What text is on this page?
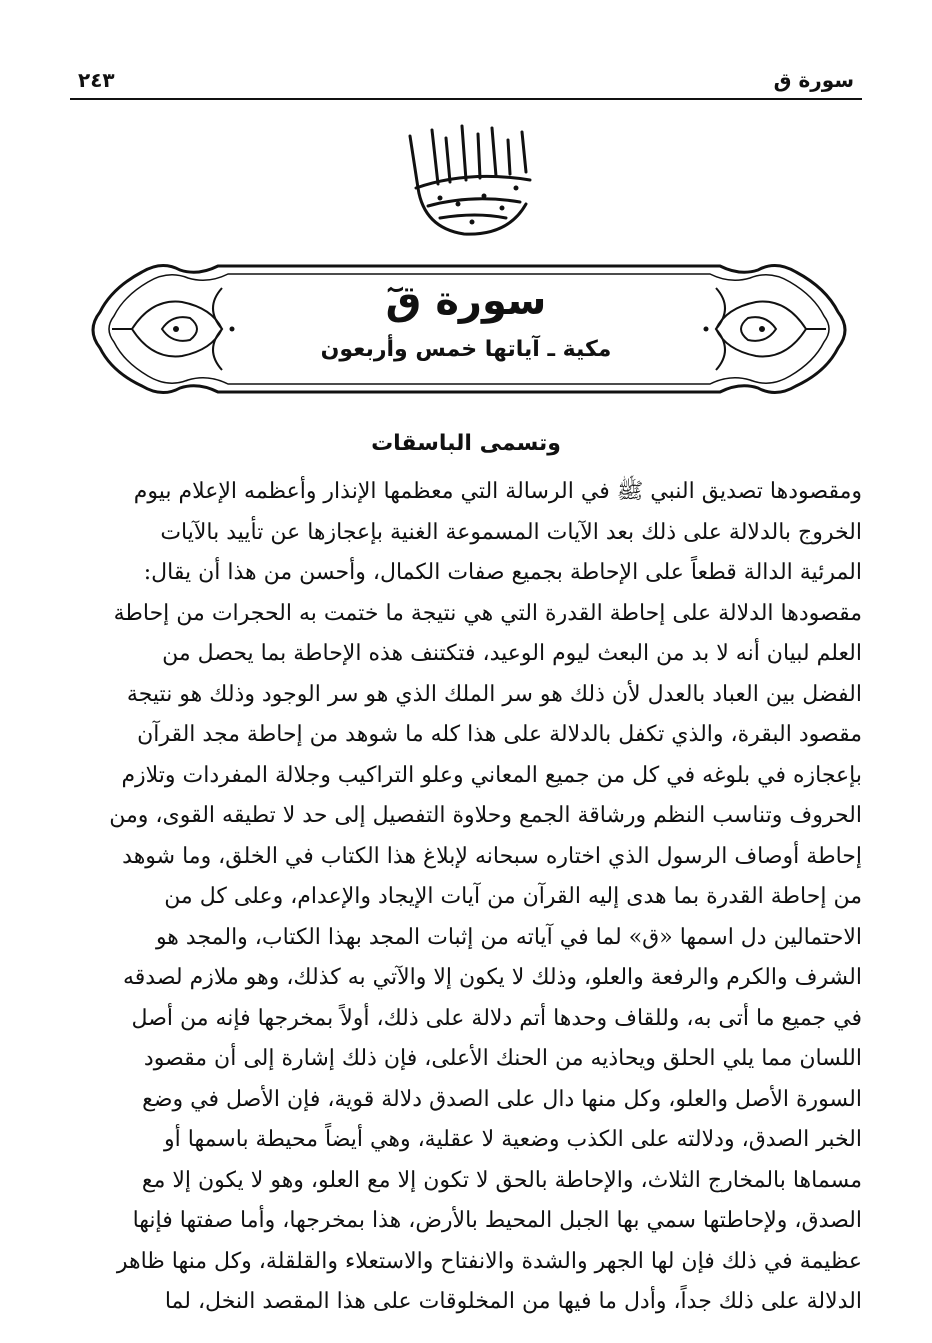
٢٤٣	سورة ق
سورة قٓ
مكية ـ آياتها خمس وأربعون
وتسمى الباسقات
ومقصودها تصديق النبي ﷺ في الرسالة التي معظمها الإنذار وأعظمه الإعلام بيوم
الخروج بالدلالة على ذلك بعد الآيات المسموعة الغنية بإعجازها عن تأييد بالآيات
المرئية الدالة قطعاً على الإحاطة بجميع صفات الكمال، وأحسن من هذا أن يقال:
مقصودها الدلالة على إحاطة القدرة التي هي نتيجة ما ختمت به الحجرات من إحاطة
العلم لبيان أنه لا بد من البعث ليوم الوعيد، فتكتنف هذه الإحاطة بما يحصل من
الفضل بين العباد بالعدل لأن ذلك هو سر الملك الذي هو سر الوجود وذلك هو نتيجة
مقصود البقرة، والذي تكفل بالدلالة على هذا كله ما شوهد من إحاطة مجد القرآن
بإعجازه في بلوغه في كل من جميع المعاني وعلو التراكيب وجلالة المفردات وتلازم
الحروف وتناسب النظم ورشاقة الجمع وحلاوة التفصيل إلى حد لا تطيقه القوى، ومن
إحاطة أوصاف الرسول الذي اختاره سبحانه لإبلاغ هذا الكتاب في الخلق، وما شوهد
من إحاطة القدرة بما هدى إليه القرآن من آيات الإيجاد والإعدام، وعلى كل من
الاحتمالين دل اسمها «ق» لما في آياته من إثبات المجد بهذا الكتاب، والمجد هو
الشرف والكرم والرفعة والعلو، وذلك لا يكون إلا والآتي به كذلك، وهو ملازم لصدقه
في جميع ما أتى به، وللقاف وحدها أتم دلالة على ذلك، أولاً بمخرجها فإنه من أصل
اللسان مما يلي الحلق ويحاذيه من الحنك الأعلى، فإن ذلك إشارة إلى أن مقصود
السورة الأصل والعلو، وكل منها دال على الصدق دلالة قوية، فإن الأصل في وضع
الخبر الصدق، ودلالته على الكذب وضعية لا عقلية، وهي أيضاً محيطة باسمها أو
مسماها بالمخارج الثلاث، والإحاطة بالحق لا تكون إلا مع العلو، وهو لا يكون إلا مع
الصدق، ولإحاطتها سمي بها الجبل المحيط بالأرض، هذا بمخرجها، وأما صفتها فإنها
عظيمة في ذلك فإن لها الجهر والشدة والانفتاح والاستعلاء والقلقلة، وكل منها ظاهر
الدلالة على ذلك جداً، وأدل ما فيها من المخلوقات على هذا المقصد النخل، لما
